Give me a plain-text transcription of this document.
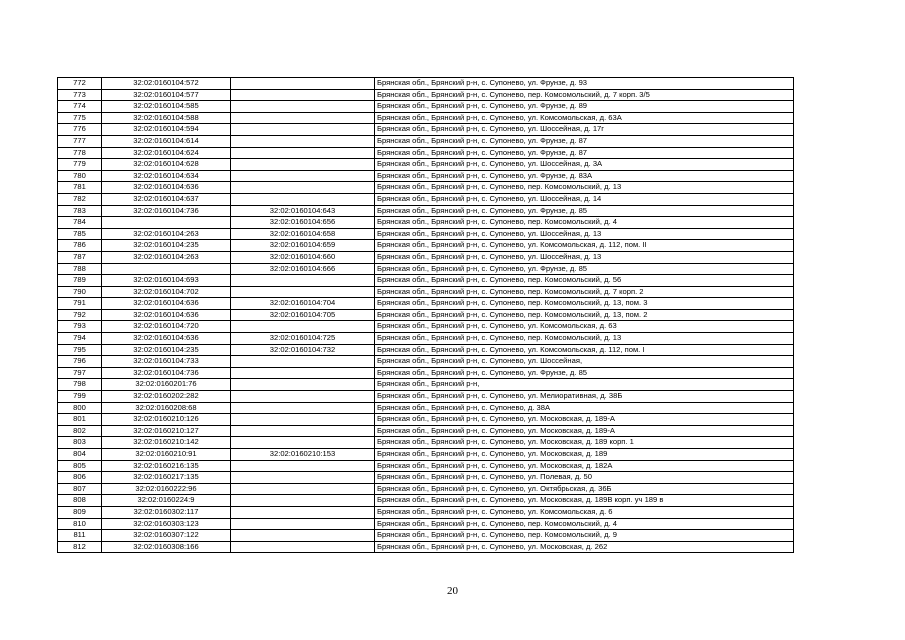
772	32:02:0160104:572		Брянская обл., Брянский р-н, с. Супонево, ул. Фрунзе, д. 93
773	32:02:0160104:577		Брянская обл., Брянский р-н, с. Супонево, пер. Комсомольский, д. 7 корп. 3/5
774	32:02:0160104:585		Брянская обл., Брянский р-н, с. Супонево, ул. Фрунзе, д. 89
775	32:02:0160104:588		Брянская обл., Брянский р-н, с. Супонево, ул. Комсомольская, д. 63А
776	32:02:0160104:594		Брянская обл., Брянский р-н, с. Супонево, ул. Шоссейная, д. 17г
777	32:02:0160104:614		Брянская обл., Брянский р-н, с. Супонево, ул. Фрунзе, д. 87
778	32:02:0160104:624		Брянская обл., Брянский р-н, с. Супонево, ул. Фрунзе, д. 87
779	32:02:0160104:628		Брянская обл., Брянский р-н, с. Супонево, ул. Шоссейная, д. 3А
780	32:02:0160104:634		Брянская обл., Брянский р-н, с. Супонево, ул. Фрунзе, д. 83А
781	32:02:0160104:636		Брянская обл., Брянский р-н, с. Супонево, пер. Комсомольский, д. 13
782	32:02:0160104:637		Брянская обл., Брянский р-н, с. Супонево, ул. Шоссейная, д. 14
783	32:02:0160104:736	32:02:0160104:643	Брянская обл., Брянский р-н, с. Супонево, ул. Фрунзе, д. 85
784		32:02:0160104:656	Брянская обл., Брянский р-н, с. Супонево, пер. Комсомольский, д. 4
785	32:02:0160104:263	32:02:0160104:658	Брянская обл., Брянский р-н, с. Супонево, ул. Шоссейная, д. 13
786	32:02:0160104:235	32:02:0160104:659	Брянская обл., Брянский р-н, с. Супонево, ул. Комсомольская, д. 112, пом. II
787	32:02:0160104:263	32:02:0160104:660	Брянская обл., Брянский р-н, с. Супонево, ул. Шоссейная, д. 13
788		32:02:0160104:666	Брянская обл., Брянский р-н, с. Супонево, ул. Фрунзе, д. 85
789	32:02:0160104:693		Брянская обл., Брянский р-н, с. Супонево, пер. Комсомольский, д. 56
790	32:02:0160104:702		Брянская обл., Брянский р-н, с. Супонево, пер. Комсомольский, д. 7 корп. 2
791	32:02:0160104:636	32:02:0160104:704	Брянская обл., Брянский р-н, с. Супонево, пер. Комсомольский, д. 13, пом. 3
792	32:02:0160104:636	32:02:0160104:705	Брянская обл., Брянский р-н, с. Супонево, пер. Комсомольский, д. 13, пом. 2
793	32:02:0160104:720		Брянская обл., Брянский р-н, с. Супонево, ул. Комсомольская, д. 63
794	32:02:0160104:636	32:02:0160104:725	Брянская обл., Брянский р-н, с. Супонево, пер. Комсомольский, д. 13
795	32:02:0160104:235	32:02:0160104:732	Брянская обл., Брянский р-н, с. Супонево, ул. Комсомольская, д. 112, пом. I
796	32:02:0160104:733		Брянская обл., Брянский р-н, с. Супонево, ул. Шоссейная,
797	32:02:0160104:736		Брянская обл., Брянский р-н, с. Супонево, ул. Фрунзе, д. 85
798	32:02:0160201:76		Брянская обл., Брянский р-н,
799	32:02:0160202:282		Брянская обл., Брянский р-н, с. Супонево, ул. Мелиоративная, д. 38Б
800	32:02:0160208:68		Брянская обл., Брянский р-н, с. Супонево, д. 38А
801	32:02:0160210:126		Брянская обл., Брянский р-н, с. Супонево, ул. Московская, д. 189-А
802	32:02:0160210:127		Брянская обл., Брянский р-н, с. Супонево, ул. Московская, д. 189-А
803	32:02:0160210:142		Брянская обл., Брянский р-н, с. Супонево, ул. Московская, д. 189 корп. 1
804	32:02:0160210:91	32:02:0160210:153	Брянская обл., Брянский р-н, с. Супонево, ул. Московская, д. 189
805	32:02:0160216:135		Брянская обл., Брянский р-н, с. Супонево, ул. Московская, д. 182А
806	32:02:0160217:135		Брянская обл., Брянский р-н, с. Супонево, ул. Полевая, д. 50
807	32:02:0160222:96		Брянская обл., Брянский р-н, с. Супонево, ул. Октябрьская, д. 36Б
808	32:02:0160224:9		Брянская обл., Брянский р-н, с. Супонево, ул. Московская, д. 189В корп. уч 189 в
809	32:02:0160302:117		Брянская обл., Брянский р-н, с. Супонево, ул. Комсомольская, д. 6
810	32:02:0160303:123		Брянская обл., Брянский р-н, с. Супонево, пер. Комсомольский, д. 4
811	32:02:0160307:122		Брянская обл., Брянский р-н, с. Супонево, пер. Комсомольский, д. 9
812	32:02:0160308:166		Брянская обл., Брянский р-н, с. Супонево, ул. Московская, д. 262
20
